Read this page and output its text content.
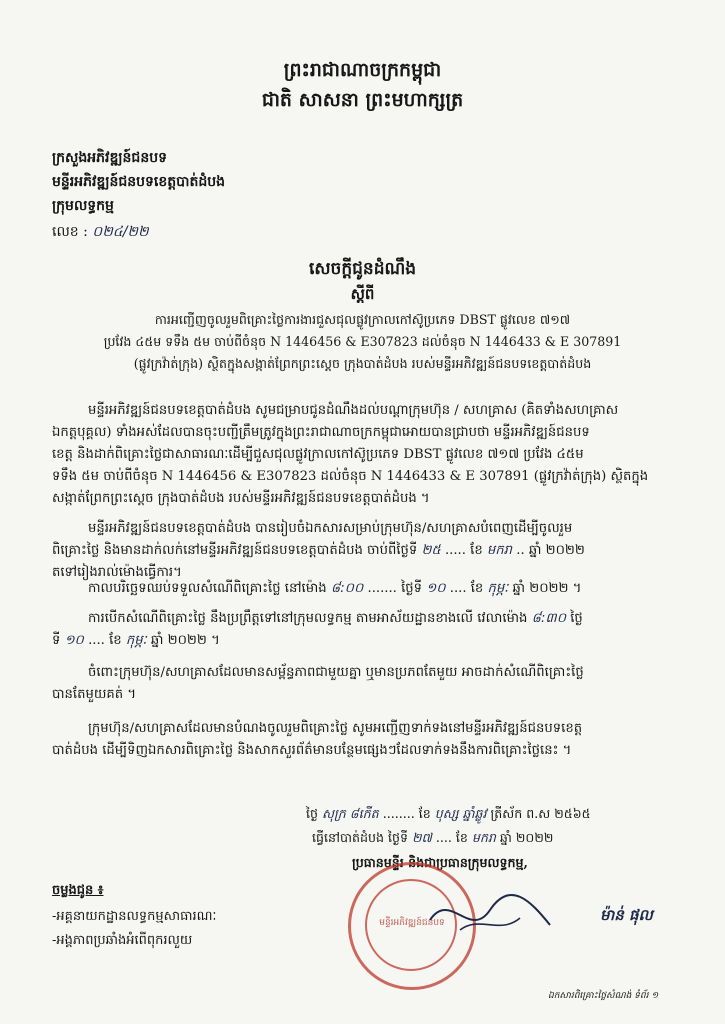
ព្រះរាជាណាចក្រកម្ពុជា
ជាតិ សាសនា ព្រះមហាក្សត្រ
ក្រសួងអភិវឌ្ឍន៍ជនបទ
មន្ទីរអភិវឌ្ឍន៍ជនបទខេត្តបាត់ដំបង
ក្រុមលទ្ធកម្ម
លេខ : ០២៤/២២
សេចក្តីជូនដំណឹង
ស្តីពី
ការអញ្ជើញចូលរួមពិគ្រោះថ្លៃការងារជួសជុលផ្លូវក្រាលកៅស៊ូប្រភេទ DBST ផ្លូវលេខ ៧១៧
ប្រវែង ៤៥ម ទទឹង ៥ម ចាប់ពីចំនុច N 1446456 & E307823 ដល់ចំនុច N 1446433 & E 307891
(ផ្លូវក្រវ៉ាត់ក្រុង) ស្ថិតក្នុងសង្កាត់ព្រែកព្រះស្តេច ក្រុងបាត់ដំបង របស់មន្ទីរអភិវឌ្ឍន៍ជនបទខេត្តបាត់ដំបង

មន្ទីរអភិវឌ្ឍន៍ជនបទខេត្តបាត់ដំបង សូមជម្រាបជូនដំណឹងដល់បណ្តាក្រុមហ៊ុន / សហគ្រាស (គិតទាំងសហគ្រាស

ឯកត្តបុគ្គល) ទាំងអស់ដែលបានចុះបញ្ជីត្រឹមត្រូវក្នុងព្រះរាជាណាចក្រកម្ពុជាអោយបានជ្រាបថា មន្ទីរអភិវឌ្ឍន៍ជនបទ

ខេត្ត និងដាក់ពិគ្រោះថ្លៃជាសាធារណៈដើម្បីជួសជុលផ្លូវក្រាលកៅស៊ូប្រភេទ DBST ផ្លូវលេខ ៧១៧ ប្រវែង ៤៥ម

ទទឹង ៥ម ចាប់ពីចំនុច N 1446456 & E307823 ដល់ចំនុច N 1446433 & E 307891 (ផ្លូវក្រវ៉ាត់ក្រុង) ស្ថិតក្នុង

សង្កាត់ព្រែកព្រះស្តេច ក្រុងបាត់ដំបង របស់មន្ទីរអភិវឌ្ឍន៍ជនបទខេត្តបាត់ដំបង ។

មន្ទីរអភិវឌ្ឍន៍ជនបទខេត្តបាត់ដំបង បានរៀបចំឯកសារសម្រាប់ក្រុមហ៊ុន/សហគ្រាសបំពេញដើម្បីចូលរួម

ពិគ្រោះថ្លៃ និងមានដាក់លក់នៅមន្ទីរអភិវឌ្ឍន៍ជនបទខេត្តបាត់ដំបង ចាប់ពីថ្ងៃទី ២៥ ..... ខែ មករា .. ឆ្នាំ ២០២២

តទៅរៀងរាល់ម៉ោងធ្វើការ។

កាលបរិច្ឆេទឈប់ទទួលសំណើពិគ្រោះថ្លៃ នៅម៉ោង ៨:០០ ....... ថ្ងៃទី ១០ .... ខែ កុម្ភៈ ឆ្នាំ ២០២២ ។

ការបើកសំណើពិគ្រោះថ្លៃ នឹងប្រព្រឹត្តទៅនៅក្រុមលទ្ធកម្ម តាមអាស័យដ្ឋានខាងលើ វេលាម៉ោង ៨:៣០ ថ្ងៃ

ទី ១០ .... ខែ កុម្ភៈ ឆ្នាំ ២០២២ ។

ចំពោះក្រុមហ៊ុន/សហគ្រាសដែលមានសម្ព័ន្ធភាពជាមួយគ្នា ឬមានប្រភពតែមួយ អាចដាក់សំណើពិគ្រោះថ្លៃ

បានតែមួយគត់ ។

ក្រុមហ៊ុន/សហគ្រាសដែលមានបំណងចូលរួមពិគ្រោះថ្លៃ សូមអញ្ជើញទាក់ទងនៅមន្ទីរអភិវឌ្ឍន៍ជនបទខេត្ត

បាត់ដំបង ដើម្បីទិញឯកសារពិគ្រោះថ្លៃ និងសាកសួរព័ត៌មានបន្ថែមផ្សេងៗដែលទាក់ទងនឹងការពិគ្រោះថ្លៃនេះ ។

ថ្ងៃ សុក្រ ៨កើត ........ ខែ បុស្ស ឆ្នាំឆ្លូវ ត្រីស័ក ព.ស ២៥៦៥
ធ្វើនៅបាត់ដំបង ថ្ងៃទី ២៧ .... ខែ មករា ឆ្នាំ ២០២២
ប្រធានមន្ទីរ និងជាប្រធានក្រុមលទ្ធកម្ម,
មន្ទីរអភិវឌ្ឍន៍ជនបទ	ម៉ាន់ ផុល
ចម្លងជូន ៖
-អគ្គនាយកដ្ឋានលទ្ធកម្មសាធារណៈ
-អង្គភាពប្រឆាំងអំពើពុករលួយ
ឯកសារពិគ្រោះថ្លៃសំណង់ ទំព័រ ១
